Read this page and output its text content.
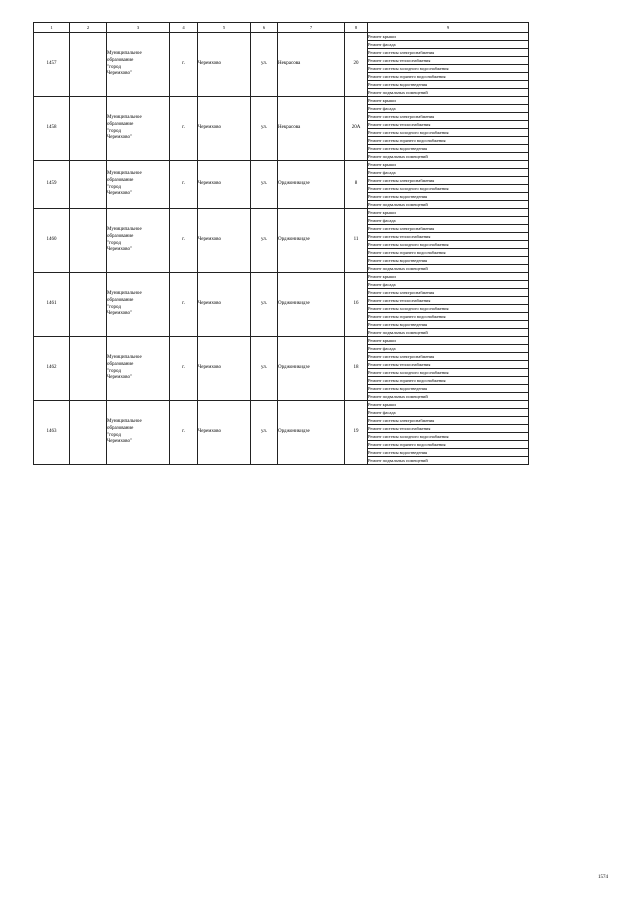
1	2	3	4	5	6	7	8	9
1457		Муниципальное
образование
"город
Черемхово"	г.	Черемхово	ул.	Некрасова	20	Ремонт крыши
								Ремонт фасада
								Ремонт системы электроснабжения
								Ремонт системы теплоснабжения
								Ремонт системы холодного водоснабжения
								Ремонт системы горячего водоснабжения
								Ремонт системы водоотведения
								Ремонт подвальных помещений
1458		Муниципальное
образование
"город
Черемхово"	г.	Черемхово	ул.	Некрасова	20А	Ремонт крыши
								Ремонт фасада
								Ремонт системы электроснабжения
								Ремонт системы теплоснабжения
								Ремонт системы холодного водоснабжения
								Ремонт системы горячего водоснабжения
								Ремонт системы водоотведения
								Ремонт подвальных помещений
1459		Муниципальное
образование
"город
Черемхово"	г.	Черемхово	ул.	Орджоникидзе	8	Ремонт крыши
								Ремонт фасада
								Ремонт системы электроснабжения
								Ремонт системы холодного водоснабжения
								Ремонт системы водоотведения
								Ремонт подвальных помещений
1460		Муниципальное
образование
"город
Черемхово"	г.	Черемхово	ул.	Орджоникидзе	11	Ремонт крыши
								Ремонт фасада
								Ремонт системы электроснабжения
								Ремонт системы теплоснабжения
								Ремонт системы холодного водоснабжения
								Ремонт системы горячего водоснабжения
								Ремонт системы водоотведения
								Ремонт подвальных помещений
1461		Муниципальное
образование
"город
Черемхово"	г.	Черемхово	ул.	Орджоникидзе	16	Ремонт крыши
								Ремонт фасада
								Ремонт системы электроснабжения
								Ремонт системы теплоснабжения
								Ремонт системы холодного водоснабжения
								Ремонт системы горячего водоснабжения
								Ремонт системы водоотведения
								Ремонт подвальных помещений
1462		Муниципальное
образование
"город
Черемхово"	г.	Черемхово	ул.	Орджоникидзе	18	Ремонт крыши
								Ремонт фасада
								Ремонт системы электроснабжения
								Ремонт системы теплоснабжения
								Ремонт системы холодного водоснабжения
								Ремонт системы горячего водоснабжения
								Ремонт системы водоотведения
								Ремонт подвальных помещений
1463		Муниципальное
образование
"город
Черемхово"	г.	Черемхово	ул.	Орджоникидзе	19	Ремонт крыши
								Ремонт фасада
								Ремонт системы электроснабжения
								Ремонт системы теплоснабжения
								Ремонт системы холодного водоснабжения
								Ремонт системы горячего водоснабжения
								Ремонт системы водоотведения
								Ремонт подвальных помещений
1574
